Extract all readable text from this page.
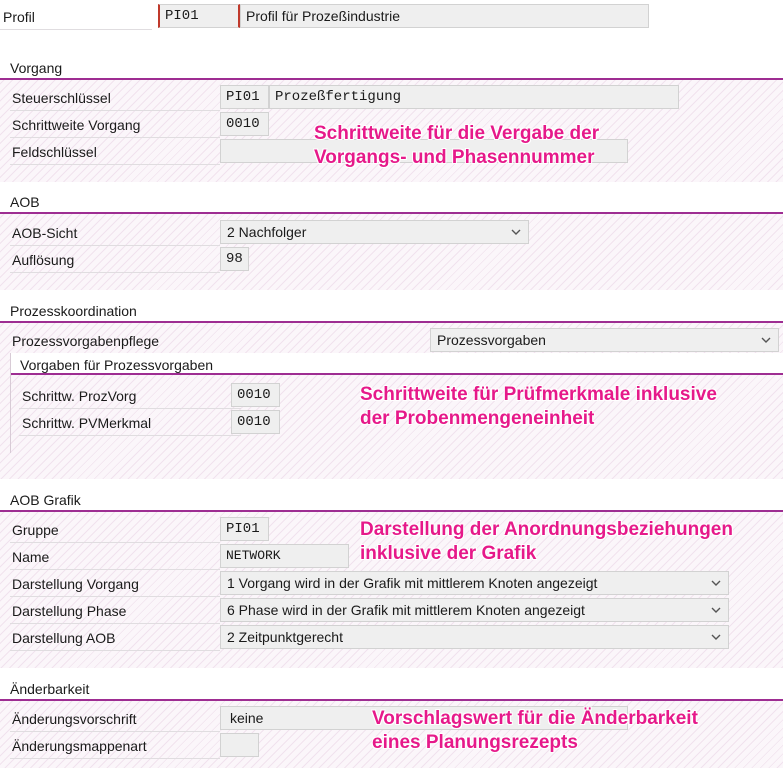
Profil	PI01	Profil für Prozeßindustrie
Vorgang
Steuerschlüssel	PI01	Prozeßfertigung
Schrittweite Vorgang	0010
Feldschlüssel
Schrittweite für die Vergabe der
Vorgangs- und Phasennummer
AOB
AOB-Sicht	2 Nachfolger
Auflösung	98
Prozesskoordination
Prozessvorgabenpflege	Prozessvorgaben
Vorgaben für Prozessvorgaben
Schrittw. ProzVorg	0010
Schrittw. PVMerkmal	0010
Schrittweite für Prüfmerkmale inklusive
der Probenmengeneinheit
AOB Grafik
Gruppe	PI01
Name	NETWORK
Darstellung Vorgang	1 Vorgang wird in der Grafik mit mittlerem Knoten angezeigt
Darstellung Phase	6 Phase wird in der Grafik mit mittlerem Knoten angezeigt
Darstellung AOB	2 Zeitpunktgerecht
Darstellung der Anordnungsbeziehungen
inklusive der Grafik
Änderbarkeit
Änderungsvorschrift	keine
Änderungsmappenart
Vorschlagswert für die Änderbarkeit
eines Planungsrezepts
